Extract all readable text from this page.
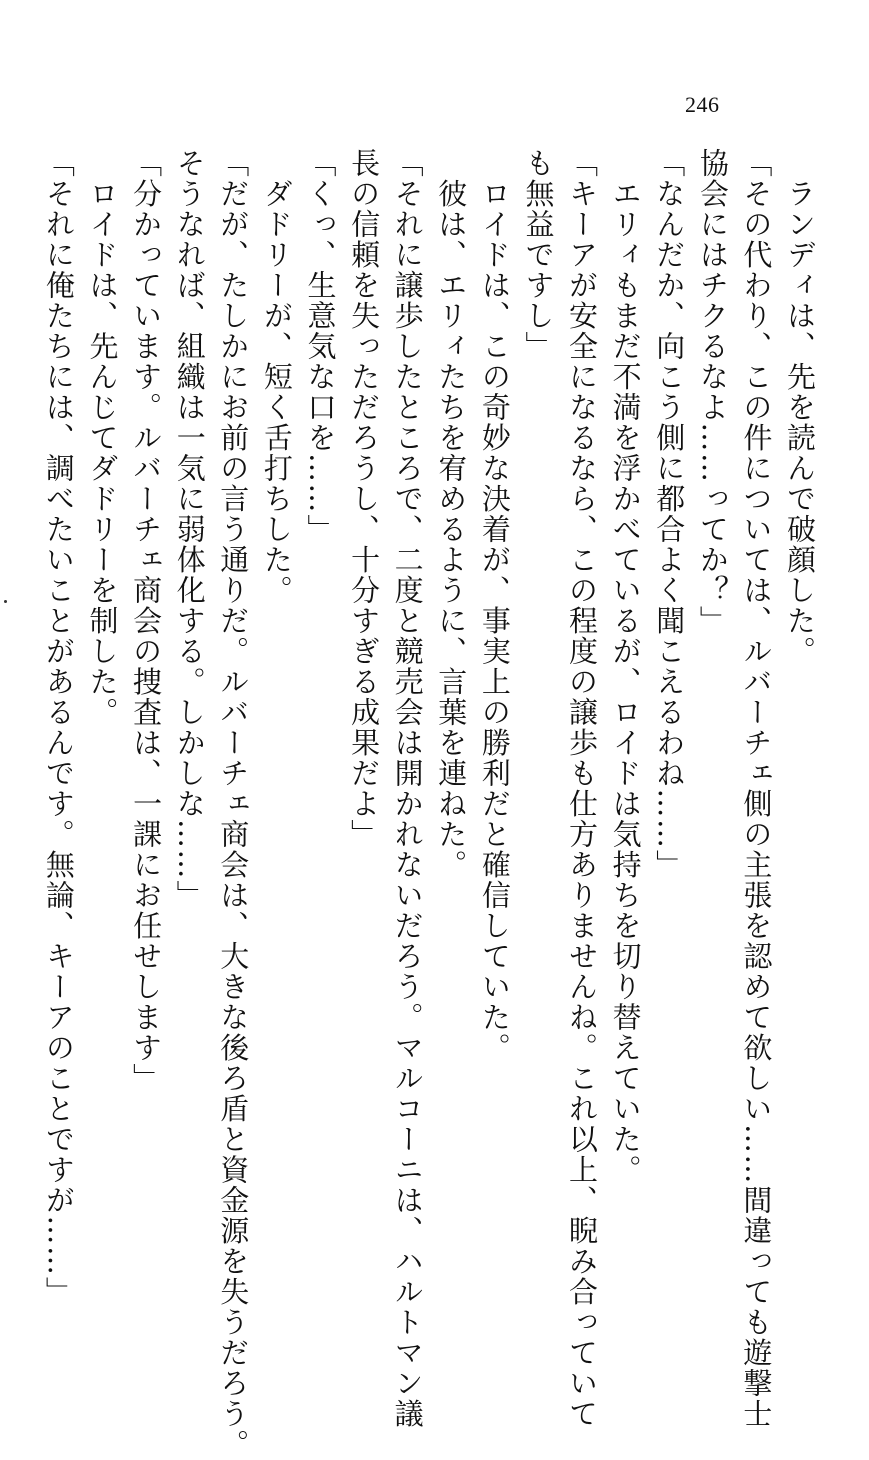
246
　ランディは、先を読んで破顔した。
「その代わり、この件については、ルバーチェ側の主張を認めて欲しい……間違っても遊撃士
協会にはチクるなよ……ってか？」
「なんだか、向こう側に都合よく聞こえるわね……」
　エリィもまだ不満を浮かべているが、ロイドは気持ちを切り替えていた。
「キーアが安全になるなら、この程度の譲歩も仕方ありませんね。これ以上、睨み合っていて
も無益ですし」
　ロイドは、この奇妙な決着が、事実上の勝利だと確信していた。
　彼は、エリィたちを宥めるように、言葉を連ねた。
「それに譲歩したところで、二度と競売会は開かれないだろう。マルコーニは、ハルトマン議
長の信頼を失っただろうし、十分すぎる成果だよ」
「くっ、生意気な口を……」
　ダドリーが、短く舌打ちした。
「だが、たしかにお前の言う通りだ。ルバーチェ商会は、大きな後ろ盾と資金源を失うだろう。
そうなれば、組織は一気に弱体化する。しかしな……」
「分かっています。ルバーチェ商会の捜査は、一課にお任せします」
　ロイドは、先んじてダドリーを制した。
「それに俺たちには、調べたいことがあるんです。無論、キーアのことですが……」
